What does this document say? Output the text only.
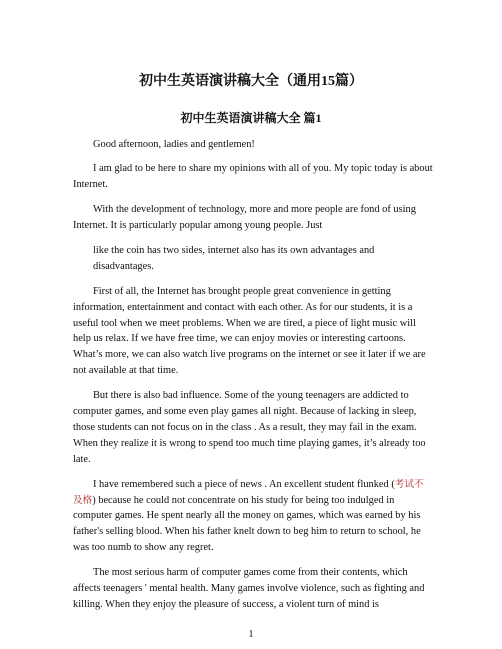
初中生英语演讲稿大全（通用15篇）
初中生英语演讲稿大全 篇1

Good afternoon, ladies and gentlemen!

I am glad to be here to share my opinions with all of you. My topic today is about Internet.

With the development of technology, more and more people are fond of using Internet. It is particularly popular among young people. Just

like the coin has two sides, internet also has its own advantages and disadvantages.

First of all, the Internet has brought people great convenience in getting information, entertainment and contact with each other. As for our students, it is a useful tool when we meet problems. When we are tired, a piece of light music will help us relax. If we have free time, we can enjoy movies or interesting cartoons. What’s more, we can also watch live programs on the internet or see it later if we are not available at that time.

But there is also bad influence. Some of the young teenagers are addicted to computer games, and some even play games all night. Because of lacking in sleep, those students can not focus on in the class . As a result, they may fail in the exam. When they realize it is wrong to spend too much time playing games, it’s already too late.

I have remembered such a piece of news . An excellent student flunked (考试不及格) because he could not concentrate on his study for being too indulged in computer games. He spent nearly all the money on games, which was earned by his father's selling blood. When his father knelt down to beg him to return to school, he was too numb to show any regret.

The most serious harm of computer games come from their contents, which affects teenagers ' mental health. Many games involve violence, such as fighting and killing. When they enjoy the pleasure of success, a violent turn of mind is

1
